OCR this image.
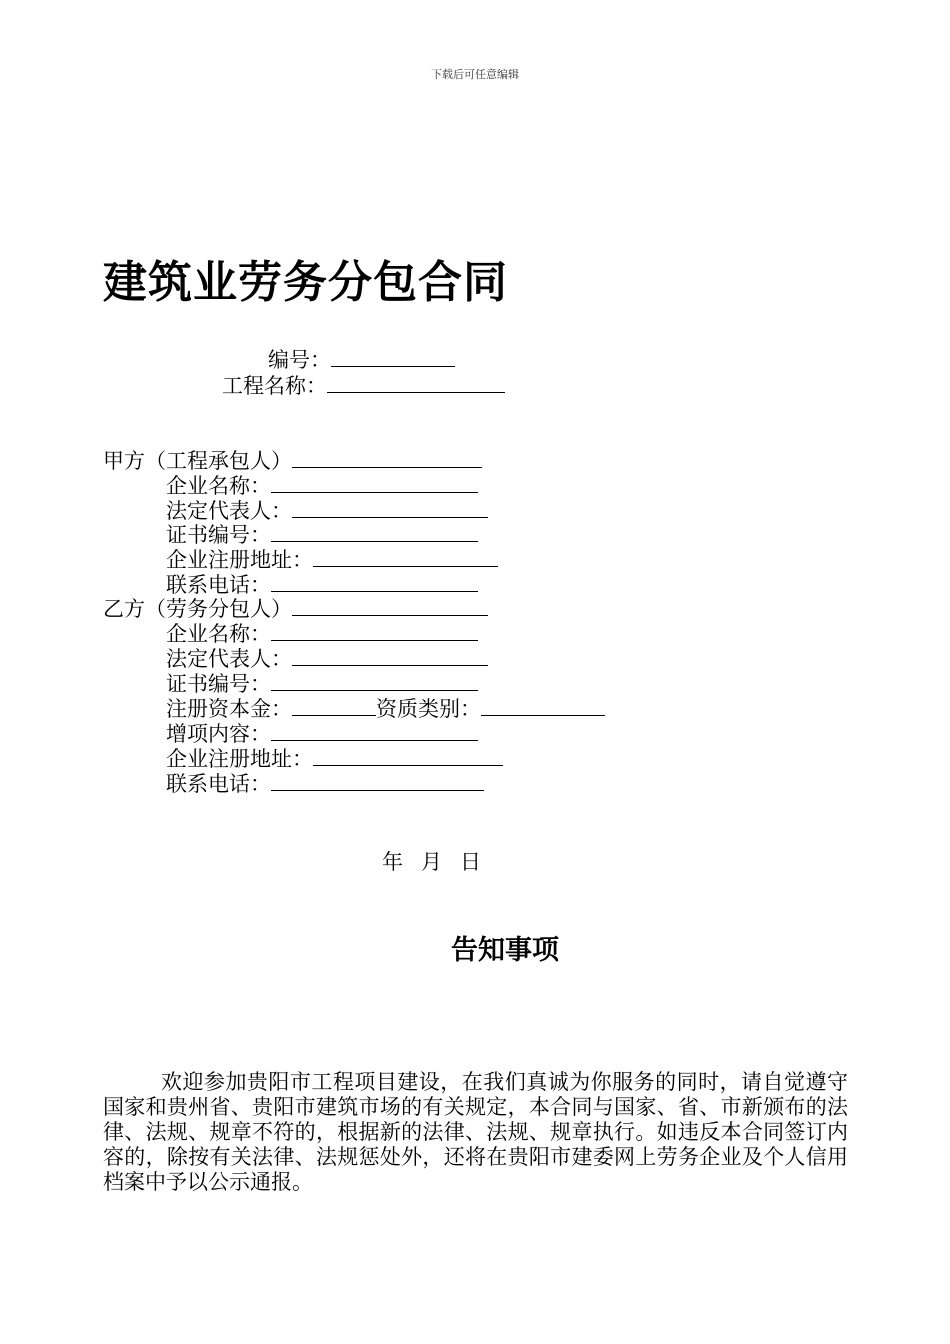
下载后可任意编辑
建筑业劳务分包合同
编号：
工程名称：
甲方（工程承包人）
企业名称：
法定代表人：
证书编号：
企业注册地址：
联系电话：
乙方（劳务分包人）
企业名称：
法定代表人：
证书编号：
注册资本金：	资质类别：
增项内容：
企业注册地址：
联系电话：
年 月 日
告知事项

欢迎参加贵阳市工程项目建设，在我们真诚为你服务的同时，请自觉遵守国家和贵州省、贵阳市建筑市场的有关规定，本合同与国家、省、市新颁布的法律、法规、规章不符的，根据新的法律、法规、规章执行。如违反本合同签订内容的，除按有关法律、法规惩处外，还将在贵阳市建委网上劳务企业及个人信用档案中予以公示通报。
